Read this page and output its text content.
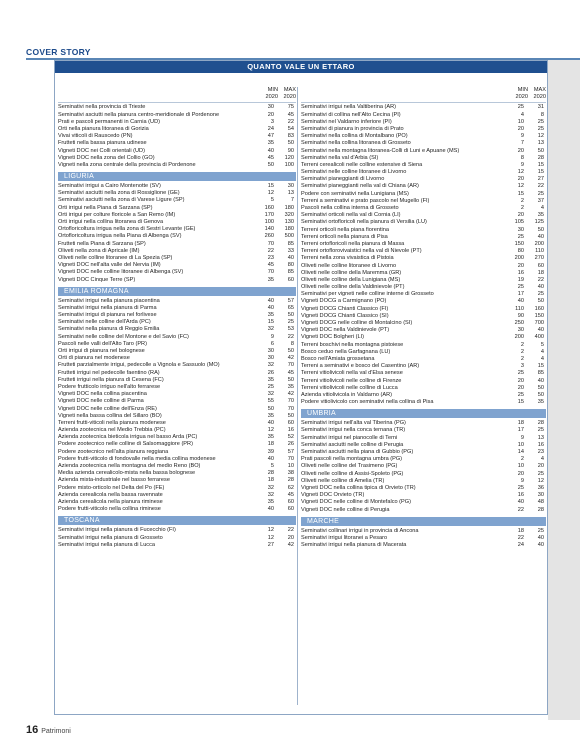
COVER STORY
QUANTO VALE UN ETTARO
MIN MAX
2020 2020
Seminativi nella provincia di Trieste	30 75
Seminativi asciutti nella pianura centro-meridionale di Pordenone	20 45
Prati e pascoli permanenti in Carnia (UD)	3 22
Orti nella pianura litoranea di Gorizia	24 54
Vivai viticoli di Rauscedo (PN)	47 83
Frutteti nella bassa pianura udinese	35 50
Vigneti DOC nei Colli orientali (UD)	40 90
Vigneti DOC nella zona del Collio (GO)	45 120
Vigneti nella zona centrale della provincia di Pordenone	50 100
LIGURIA
Seminativi irrigui a Cairo Montenotte (SV)	15 30
Seminativi asciutti nella zona di Rossiglione (GE)	12 13
Seminativi asciutti nella zona di Varese Ligure (SP)	5	7
Orti irrigui nella Piana di Sarzana (SP)	160 180
Orti irrigui per colture floricole a San Remo (IM)	170 320
Orti irrigui nella collina litoranea di Genova	100 130
Ortofloricoltura irrigua nella zona di Sestri Levante (GE)	140 180
Ortofloricoltura irrigua nella Piana di Albenga (SV)	260 500
Frutteti nella Piana di Sarzana (SP)	70 85
Oliveti nella zona di Apricale (IM)	22 33
Oliveti nelle colline litoranee di La Spezia (SP)	23 40
Vigneti DOC nell'alta valle del Nervia (IM)	45 80
Vigneti DOC nelle colline litoranee di Albenga (SV)	70 85
Vigneti DOC Cinque Terre (SP)	35 60
EMILIA ROMAGNA
Seminativi irrigui nella pianura piacentina	40 57
Seminativi irrigui nella pianura di Parma	40 65
Seminativi irrigui di pianura nel forlivese	35 50
Seminativi nelle colline dell'Arda (PC)	15 25
Seminativi nella pianura di Reggio Emilia	32 53
Seminativi nelle colline del Montone e del Savio (FC)	9 22
Pascoli nelle valli dell'Alto Taro (PR)	6	8
Orti irrigui di pianura nel bolognese	30 50
Orti di pianura nel modenese	30 42
Frutteti parzialmente irrigui, pedecolle a Vignola e Sassuolo (MO)	32 70
Frutteti irrigui nel pedecolle faentino (RA)	26 45
Frutteti irrigui nella pianura di Cesena (FC)	35 50
Podere frutticolo irriguo nell'alto ferrarese	25 35
Vigneti DOC nella collina piacentina	32 42
Vigneti DOC nelle colline di Parma	55 70
Vigneti DOC nelle colline dell'Enza (RE)	50 70
Vigneti nella bassa collina del Sillaro (BO)	35 50
Terreni frutti-viticoli nella pianura modenese	40 60
Azienda zootecnica nel Medio Trebbia (PC)	12 16
Azienda zootecnica bieticola irrigua nel basso Arda (PC)	35 52
Podere zootecnico nelle colline di Salsomaggiore (PR)	18 26
Podere zootecnico nell'alta pianura reggiana	39 57
Podere frutti-viticolo di fondovalle nella media collina modenese	40 70
Azienda zootecnica nella montagna del medio Reno (BO)	5 10
Media azienda cerealicolo-mista nella bassa bolognese	28 38
Azienda mista-industriale nel basso ferrarese	18 28
Podere misto-orticolo nel Delta del Po (FE)	32 62
Azienda cerealicola nella bassa ravennate	32 45
Azienda cerealicola nella pianura riminese	35 60
Podere frutti-viticolo nella collina riminese	40 60
TOSCANA
Seminativi irrigui nella pianura di Fucecchio (FI)	12 22
Seminativi irrigui nella pianura di Grosseto	12 20
Seminativi irrigui nella pianura di Lucca	27 42
MIN MAX
2020 2020
Seminativi irrigui nella Valtiberina (AR)	25 31
Seminativi di collina nell'Alto Cecina (PI)	4	8
Seminativi nel Valdarno inferiore (PI)	10 25
Seminativi di pianura in provincia di Prato	20 25
Seminativi nella collina di Montalbano (PO)	9 12
Seminativi nella collina litoranea di Grosseto	7 13
Seminativi nella montagna litoranea-Colli di Luni e Apuane (MS)	20 50
Seminativi nella val d'Arbia (SI)	8 28
Terreni cerealicoli nelle colline estensive di Siena	9 15
Seminativi nelle colline litoranee di Livorno	12 15
Seminativi pianeggianti di Livorno	20 27
Seminativi pianeggianti nella val di Chiana (AR)	12 22
Podere con seminativi nella Lunigiana (MS)	15 25
Terreni a seminativi e prato pascolo nel Mugello (FI)	2 37
Pascoli nella collina interna di Grosseto	2	4
Seminativi orticoli nella val di Cornia (LI)	20 35
Seminativi ortofloricoli nella pianura di Versilia (LU)	105 125
Terreni orticoli nella piana fiorentina	30 50
Terreni orticoli nella pianura di Pisa	25 40
Terreni ortofloricoli nella pianura di Massa	150 200
Terreni ortoflorovivaistici nella val di Nievole (PT)	80 110
Terreni nella zona vivaistica di Pistoia	200 270
Oliveti nelle colline litoranee di Livorno	20 60
Oliveti nelle colline della Maremma (GR)	16 18
Oliveti nelle colline della Lunigiana (MS)	19 22
Oliveti nelle colline della Valdinievole (PT)	25 40
Seminativi per vigneti nelle colline interne di Grosseto	17 25
Vigneti DOCG a Carmignano (PO)	40 50
Vigneti DOCG Chianti Classico (FI)	110 160
Vigneti DOCG Chianti Classico (SI)	90 150
Vigneti DOCG nelle colline di Montalcino (SI)	250 700
Vigneti DOC nella Valdinievole (PT)	30 40
Vigneti DOC Bolgheri (LI)	200 400
Terreni boschivi nella montagna pistoiese	2	5
Bosco ceduo nella Garfagnana (LU)	2	4
Bosco nell'Amiata grossetana	2	4
Terreni a seminativi e bosco del Casentino (AR)	3 15
Terreni vitiolivicoli nella val d'Elsa senese	25 85
Terreni vitiolivicoli nelle colline di Firenze	20 40
Terreni vitiolivicoli nelle colline di Lucca	20 50
Azienda vitiolivicola in Valdarno (AR)	25 50
Podere vitiolivicolo con seminativi nella collina di Pisa	15 35
UMBRIA
Seminativi irrigui nell'alta val Tiberina (PG)	18 28
Seminativi irrigui nella conca ternana (TR)	17 25
Seminativi irrigui nel pianocolle di Terni	9 13
Seminativi asciutti nelle colline di Perugia	10 16
Seminativi asciutti nella piana di Gubbio (PG)	14 23
Prati pascoli nella montagna umbra (PG)	2	4
Oliveti nelle colline del Trasimeno (PG)	10 20
Oliveti nelle colline di Assisi-Spoleto (PG)	20 25
Oliveti nelle colline di Amelia (TR)	9 12
Vigneti DOC nella collina tipica di Orvieto (TR)	25 36
Vigneti DOC Orvieto (TR)	16 30
Vigneti DOC nelle colline di Montefalco (PG)	40 48
Vigneti DOC nelle colline di Perugia	22 28
MARCHE
Seminativi collinari irrigui in provincia di Ancona	18 25
Seminativi irrigui litoranei a Pesaro	22 40
Seminativi irrigui nella pianura di Macerata	24 40
16 Patrimoni
